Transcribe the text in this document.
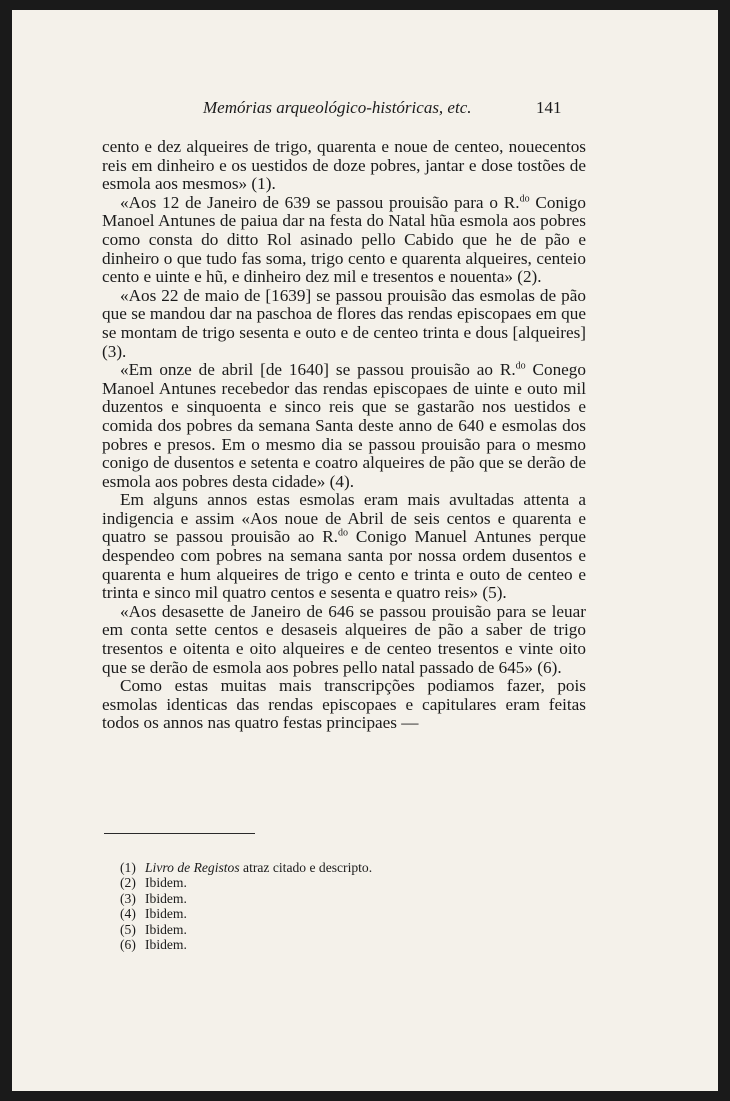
Memórias arqueológico-históricas, etc.	141

cento e dez alqueires de trigo, quarenta e noue de centeo, nouecentos reis em dinheiro e os uestidos de doze pobres, jantar e dose tostões de esmola aos mesmos» (1).

«Aos 12 de Janeiro de 639 se passou prouisão para o R.$^{do}$ Conigo Manoel Antunes de paiua dar na festa do Natal hũa esmola aos pobres como consta do ditto Rol asinado pello Cabido que he de pão e dinheiro o que tudo fas soma, trigo cento e quarenta alqueires, centeio cento e uinte e hũ, e dinheiro dez mil e tresentos e nouenta» (2).

«Aos 22 de maio de [1639] se passou prouisão das esmolas de pão que se mandou dar na paschoa de flores das rendas episcopaes em que se montam de trigo sesenta e outo e de centeo trinta e dous [alqueires] (3).

«Em onze de abril [de 1640] se passou prouisão ao R.$^{do}$ Conego Manoel Antunes recebedor das rendas episcopaes de uinte e outo mil duzentos e sinquoenta e sinco reis que se gastarão nos uestidos e comida dos pobres da semana Santa deste anno de 640 e esmolas dos pobres e presos. Em o mesmo dia se passou prouisão para o mesmo conigo de dusentos e setenta e coatro alqueires de pão que se derão de esmola aos pobres desta cidade» (4).

Em alguns annos estas esmolas eram mais avultadas attenta a indigencia e assim «Aos noue de Abril de seis centos e quarenta e quatro se passou prouisão ao R.$^{do}$ Conigo Manuel Antunes perque despendeo com pobres na semana santa por nossa ordem dusentos e quarenta e hum alqueires de trigo e cento e trinta e outo de centeo e trinta e sinco mil quatro centos e sesenta e quatro reis» (5).

«Aos desasette de Janeiro de 646 se passou prouisão para se leuar em conta sette centos e desaseis alqueires de pão a saber de trigo tresentos e oitenta e oito alqueires e de centeo tresentos e vinte oito que se derão de esmola aos pobres pello natal passado de 645» (6).

Como estas muitas mais transcripções podiamos fazer, pois esmolas identicas das rendas episcopaes e capitulares eram feitas todos os annos nas quatro festas principaes —

(1) Livro de Registos atraz citado e descripto.
(2) Ibidem.
(3) Ibidem.
(4) Ibidem.
(5) Ibidem.
(6) Ibidem.
